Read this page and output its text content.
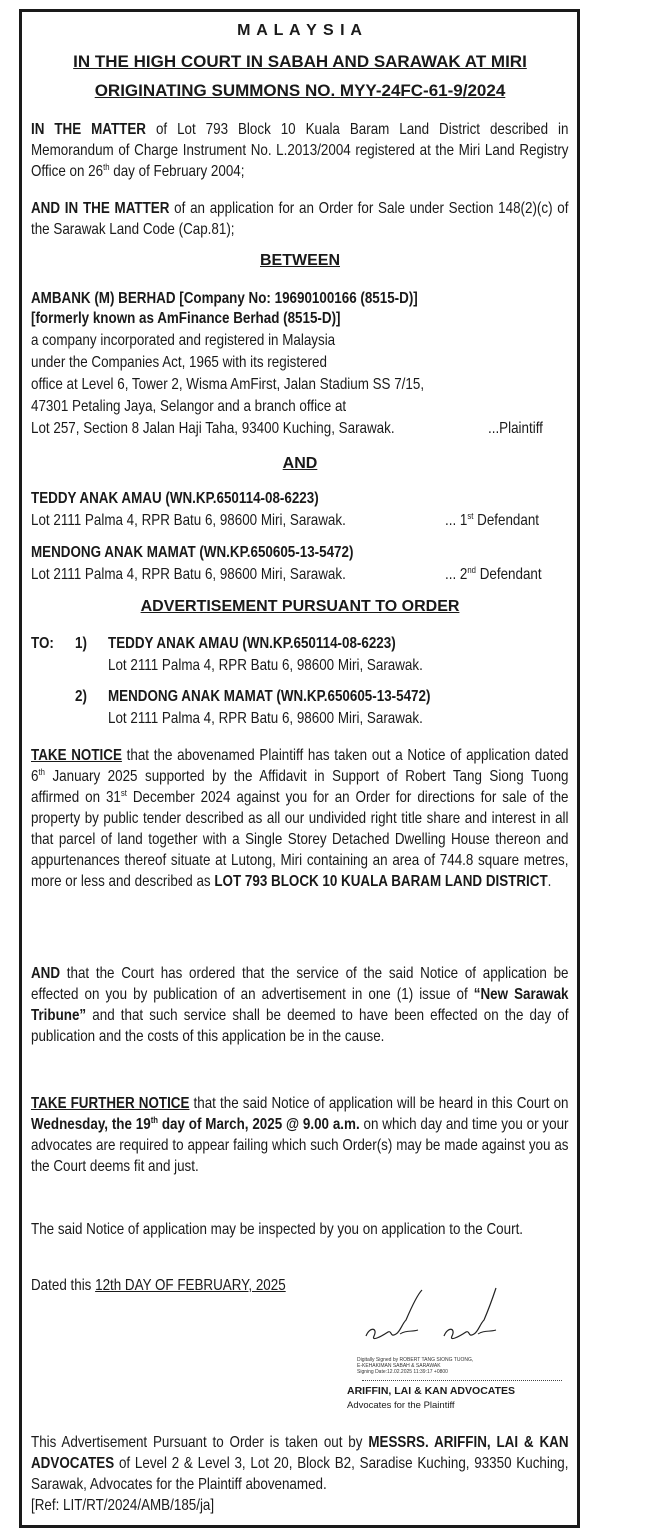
M A L A Y S I A
IN THE HIGH COURT IN SABAH AND SARAWAK AT MIRI
ORIGINATING SUMMONS NO. MYY-24FC-61-9/2024
IN THE MATTER of Lot 793 Block 10 Kuala Baram Land District described in Memorandum of Charge Instrument No. L.2013/2004 registered at the Miri Land Registry Office on 26th day of February 2004;
AND IN THE MATTER of an application for an Order for Sale under Section 148(2)(c) of the Sarawak Land Code (Cap.81);
BETWEEN
AMBANK (M) BERHAD [Company No: 19690100166 (8515-D)]
[formerly known as AmFinance Berhad (8515-D)]
a company incorporated and registered in Malaysia
under the Companies Act, 1965 with its registered
office at Level 6, Tower 2, Wisma AmFirst, Jalan Stadium SS 7/15,
47301 Petaling Jaya, Selangor and a branch office at
Lot 257, Section 8 Jalan Haji Taha, 93400 Kuching, Sarawak.	...Plaintiff
AND
TEDDY ANAK AMAU (WN.KP.650114-08-6223)
Lot 2111 Palma 4, RPR Batu 6, 98600 Miri, Sarawak.	... 1st Defendant
MENDONG ANAK MAMAT (WN.KP.650605-13-5472)
Lot 2111 Palma 4, RPR Batu 6, 98600 Miri, Sarawak.	... 2nd Defendant
ADVERTISEMENT PURSUANT TO ORDER
TO: 1) TEDDY ANAK AMAU (WN.KP.650114-08-6223)
Lot 2111 Palma 4, RPR Batu 6, 98600 Miri, Sarawak.
2) MENDONG ANAK MAMAT (WN.KP.650605-13-5472)
Lot 2111 Palma 4, RPR Batu 6, 98600 Miri, Sarawak.
TAKE NOTICE that the abovenamed Plaintiff has taken out a Notice of application dated 6th January 2025 supported by the Affidavit in Support of Robert Tang Siong Tuong affirmed on 31st December 2024 against you for an Order for directions for sale of the property by public tender described as all our undivided right title share and interest in all that parcel of land together with a Single Storey Detached Dwelling House thereon and appurtenances thereof situate at Lutong, Miri containing an area of 744.8 square metres, more or less and described as LOT 793 BLOCK 10 KUALA BARAM LAND DISTRICT.
AND that the Court has ordered that the service of the said Notice of application be effected on you by publication of an advertisement in one (1) issue of “New Sarawak Tribune” and that such service shall be deemed to have been effected on the day of publication and the costs of this application be in the cause.
TAKE FURTHER NOTICE that the said Notice of application will be heard in this Court on Wednesday, the 19th day of March, 2025 @ 9.00 a.m. on which day and time you or your advocates are required to appear failing which such Order(s) may be made against you as the Court deems fit and just.
The said Notice of application may be inspected by you on application to the Court.
Dated this 12th DAY OF FEBRUARY, 2025
Digitally Signed by ROBERT TANG SIONG TUONG,
E-KEHAKIMAN SABAH & SARAWAK
Signing Date:12.02.2025 11:39:17 +0800
ARIFFIN, LAI & KAN ADVOCATES
Advocates for the Plaintiff
This Advertisement Pursuant to Order is taken out by MESSRS. ARIFFIN, LAI & KAN ADVOCATES of Level 2 & Level 3, Lot 20, Block B2, Saradise Kuching, 93350 Kuching, Sarawak, Advocates for the Plaintiff abovenamed.
[Ref: LIT/RT/2024/AMB/185/ja]
